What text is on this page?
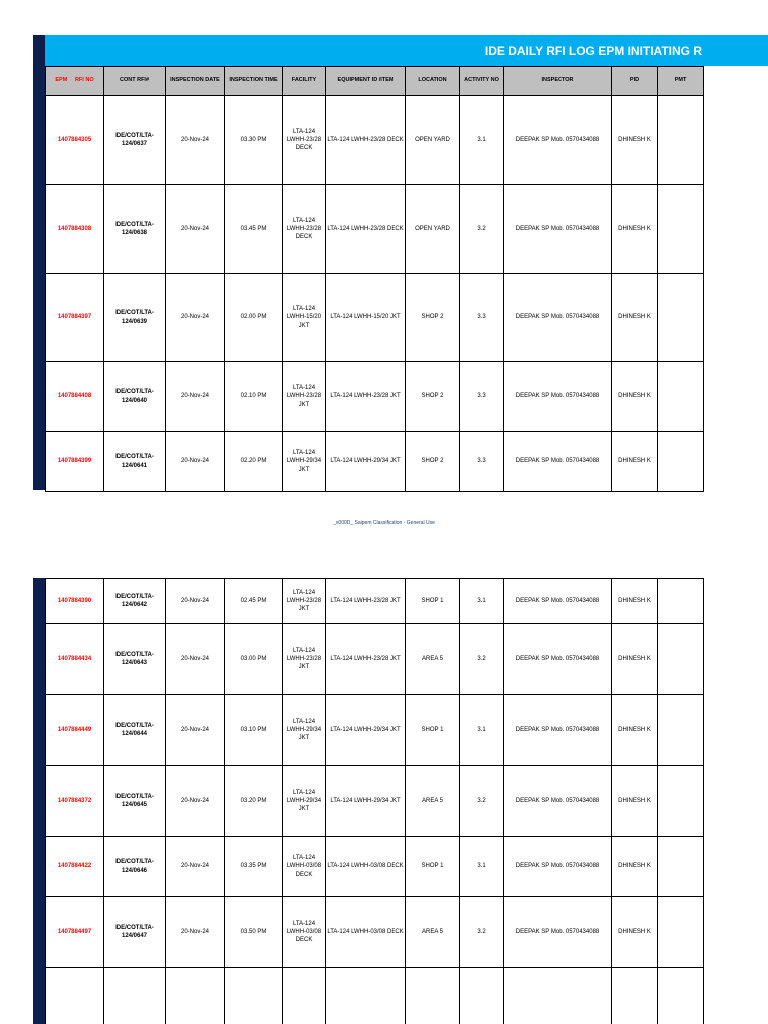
IDE DAILY RFI LOG EPM INITIATING R
EPM RFI NO	CONT RFI#	INSPECTION DATE	INSPECTION TIME	FACILITY	EQUIPMENT ID /ITEM	LOCATION	ACTIVITY NO	INSPECTOR	PID	PMT
1407884305	IDE/COT/LTA-124/0637	20-Nov-24	03.30 PM	LTA-124 LWHH-23/28 DECK	LTA-124 LWHH-23/28 DECK	OPEN YARD	3.1	DEEPAK SP Mob. 0570434088	DHINESH K	
1407884308	IDE/COT/LTA-124/0638	20-Nov-24	03.45 PM	LTA-124 LWHH-23/28 DECK	LTA-124 LWHH-23/28 DECK	OPEN YARD	3.2	DEEPAK SP Mob. 0570434088	DHINESH K	
1407884397	IDE/COT/LTA-124/0639	20-Nov-24	02.00 PM	LTA-124 LWHH-15/20 JKT	LTA-124 LWHH-15/20 JKT	SHOP 2	3.3	DEEPAK SP Mob. 0570434088	DHINESH K	
1407884408	IDE/COT/LTA-124/0640	20-Nov-24	02.10 PM	LTA-124 LWHH-23/28 JKT	LTA-124 LWHH-23/28 JKT	SHOP 2	3.3	DEEPAK SP Mob. 0570434088	DHINESH K	
1407884399	IDE/COT/LTA-124/0641	20-Nov-24	02.20 PM	LTA-124 LWHH-29/34 JKT	LTA-124 LWHH-29/34 JKT	SHOP 2	3.3	DEEPAK SP Mob. 0570434088	DHINESH K	
_x000D_ Saipem Classification - General Use
1407884390	IDE/COT/LTA-124/0642	20-Nov-24	02.45 PM	LTA-124 LWHH-23/28 JKT	LTA-124 LWHH-23/28 JKT	SHOP 1	3.1	DEEPAK SP Mob. 0570434088	DHINESH K	
1407884434	IDE/COT/LTA-124/0643	20-Nov-24	03.00 PM	LTA-124 LWHH-23/28 JKT	LTA-124 LWHH-23/28 JKT	AREA 5	3.2	DEEPAK SP Mob. 0570434088	DHINESH K	
1407884449	IDE/COT/LTA-124/0644	20-Nov-24	03.10 PM	LTA-124 LWHH-29/34 JKT	LTA-124 LWHH-29/34 JKT	SHOP 1	3.1	DEEPAK SP Mob. 0570434088	DHINESH K	
1407884372	IDE/COT/LTA-124/0645	20-Nov-24	03.20 PM	LTA-124 LWHH-29/34 JKT	LTA-124 LWHH-29/34 JKT	AREA 5	3.2	DEEPAK SP Mob. 0570434088	DHINESH K	
1407884422	IDE/COT/LTA-124/0646	20-Nov-24	03.35 PM	LTA-124 LWHH-03/08 DECK	LTA-124 LWHH-03/08 DECK	SHOP 1	3.1	DEEPAK SP Mob. 0570434088	DHINESH K	
1407884497	IDE/COT/LTA-124/0647	20-Nov-24	03.50 PM	LTA-124 LWHH-03/08 DECK	LTA-124 LWHH-03/08 DECK	AREA 5	3.2	DEEPAK SP Mob. 0570434088	DHINESH K	
